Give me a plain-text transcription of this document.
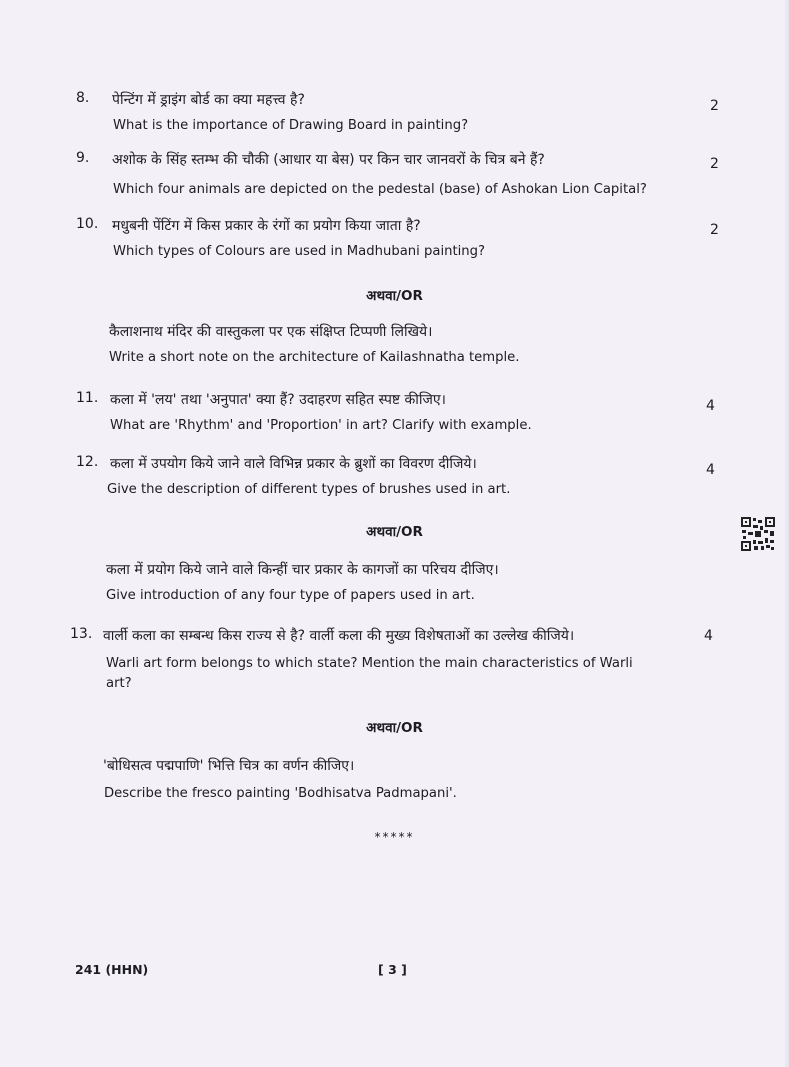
8. पेन्टिंग में ड्राइंग बोर्ड का क्या महत्त्व है?
What is the importance of Drawing Board in painting?
2
9. अशोक के सिंह स्तम्भ की चौकी (आधार या बेस) पर किन चार जानवरों के चित्र बने हैं?
Which four animals are depicted on the pedestal (base) of Ashokan Lion Capital?
2
10. मधुबनी पेंटिंग में किस प्रकार के रंगों का प्रयोग किया जाता है?
Which types of Colours are used in Madhubani painting?
2
अथवा/OR
कैलाशनाथ मंदिर की वास्तुकला पर एक संक्षिप्त टिप्पणी लिखिये।
Write a short note on the architecture of Kailashnatha temple.
11. कला में 'लय' तथा 'अनुपात' क्या हैं? उदाहरण सहित स्पष्ट कीजिए।
What are 'Rhythm' and 'Proportion' in art? Clarify with example.
4
12. कला में उपयोग किये जाने वाले विभिन्न प्रकार के ब्रुशों का विवरण दीजिये।
Give the description of different types of brushes used in art.
4
अथवा/OR
कला में प्रयोग किये जाने वाले किन्हीं चार प्रकार के कागजों का परिचय दीजिए।
Give introduction of any four type of papers used in art.
13. वार्ली कला का सम्बन्ध किस राज्य से है? वार्ली कला की मुख्य विशेषताओं का उल्लेख कीजिये।
Warli art form belongs to which state? Mention the main characteristics of Warli
art?
4
अथवा/OR
'बोधिसत्व पद्मपाणि' भित्ति चित्र का वर्णन कीजिए।
Describe the fresco painting 'Bodhisatva Padmapani'.
*****
241 (HHN)	[ 3 ]
